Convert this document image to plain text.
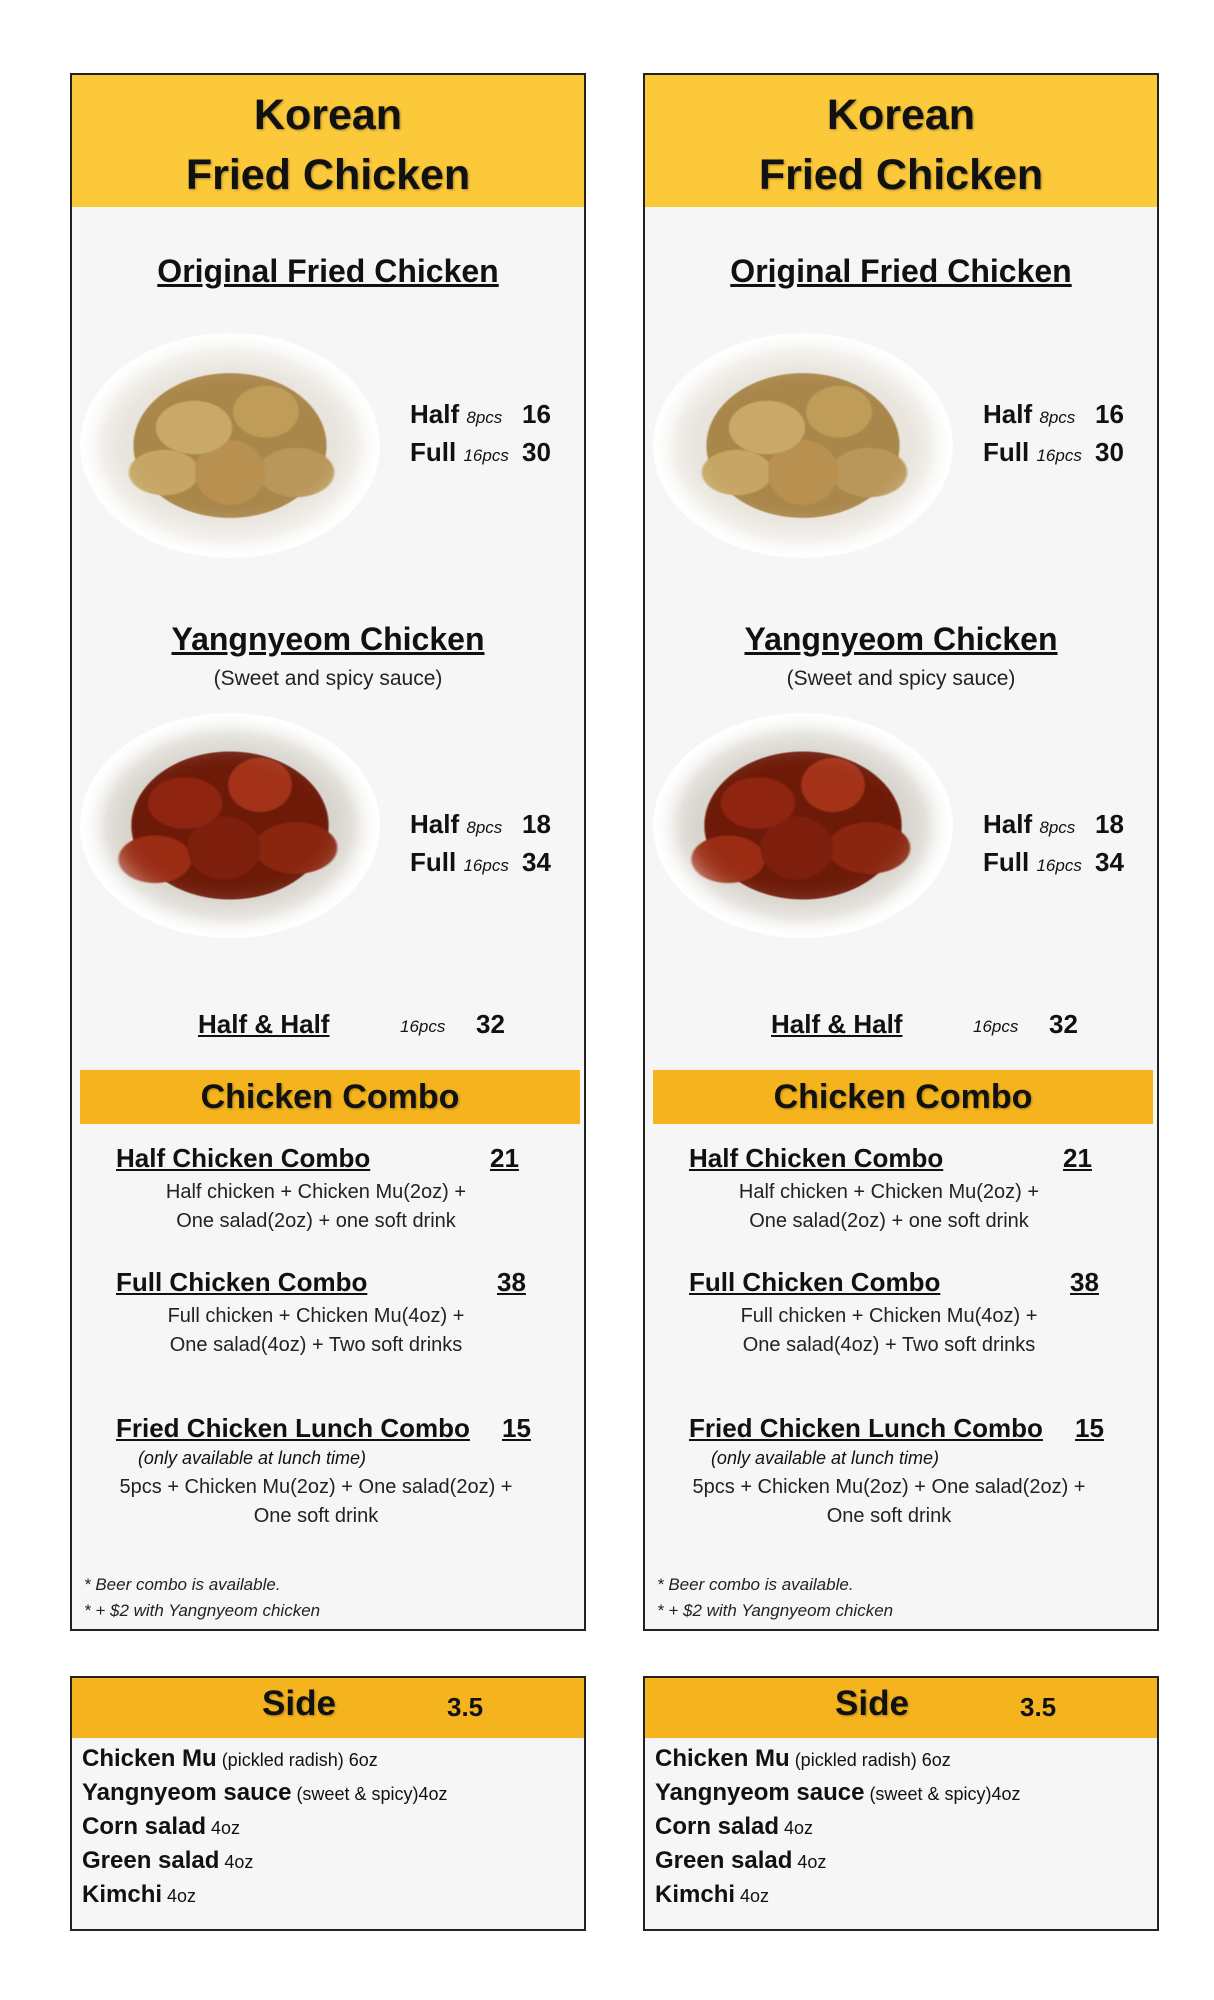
Korean
Fried Chicken
Original Fried Chicken
Half 8pcs 16
Full 16pcs 30
Yangnyeom Chicken
(Sweet and spicy sauce)
Half 8pcs 18
Full 16pcs 34
Half & Half	16pcs 32
Chicken Combo
Half Chicken Combo	21
Half chicken + Chicken Mu(2oz) +
One salad(2oz) + one soft drink
Full Chicken Combo	38
Full chicken + Chicken Mu(4oz) +
One salad(4oz) + Two soft drinks
Fried Chicken Lunch Combo 15
(only available at lunch time)
5pcs + Chicken Mu(2oz) + One salad(2oz) +
One soft drink
* Beer combo is available.
* + $2 with Yangnyeom chicken
Side	3.5
Chicken Mu (pickled radish) 6oz
Yangnyeom sauce (sweet & spicy)4oz
Corn salad 4oz
Green salad 4oz
Kimchi 4oz
Korean
Fried Chicken
Original Fried Chicken
Half 8pcs 16
Full 16pcs 30
Yangnyeom Chicken
(Sweet and spicy sauce)
Half 8pcs 18
Full 16pcs 34
Half & Half	16pcs 32
Chicken Combo
Half Chicken Combo	21
Half chicken + Chicken Mu(2oz) +
One salad(2oz) + one soft drink
Full Chicken Combo	38
Full chicken + Chicken Mu(4oz) +
One salad(4oz) + Two soft drinks
Fried Chicken Lunch Combo 15
(only available at lunch time)
5pcs + Chicken Mu(2oz) + One salad(2oz) +
One soft drink
* Beer combo is available.
* + $2 with Yangnyeom chicken
Side	3.5
Chicken Mu (pickled radish) 6oz
Yangnyeom sauce (sweet & spicy)4oz
Corn salad 4oz
Green salad 4oz
Kimchi 4oz
